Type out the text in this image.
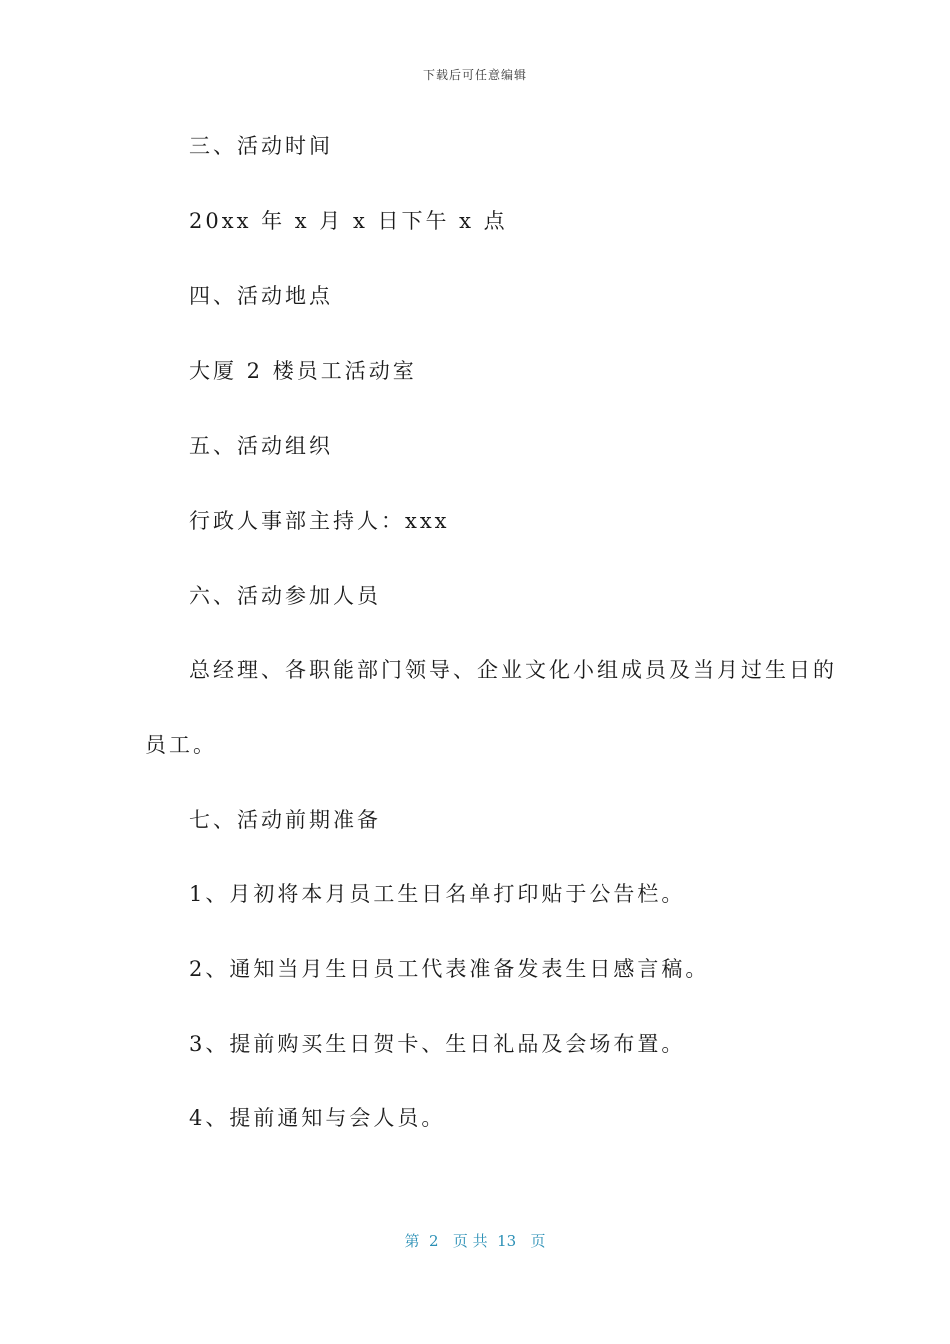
下载后可任意编辑
三、活动时间
20xx 年 x 月 x 日下午 x 点
四、活动地点
大厦 2 楼员工活动室
五、活动组织
行政人事部主持人：xxx
六、活动参加人员
总经理、各职能部门领导、企业文化小组成员及当月过生日的
员工。
七、活动前期准备
1、月初将本月员工生日名单打印贴于公告栏。
2、通知当月生日员工代表准备发表生日感言稿。
3、提前购买生日贺卡、生日礼品及会场布置。
4、提前通知与会人员。
第  2   页 共  13   页
